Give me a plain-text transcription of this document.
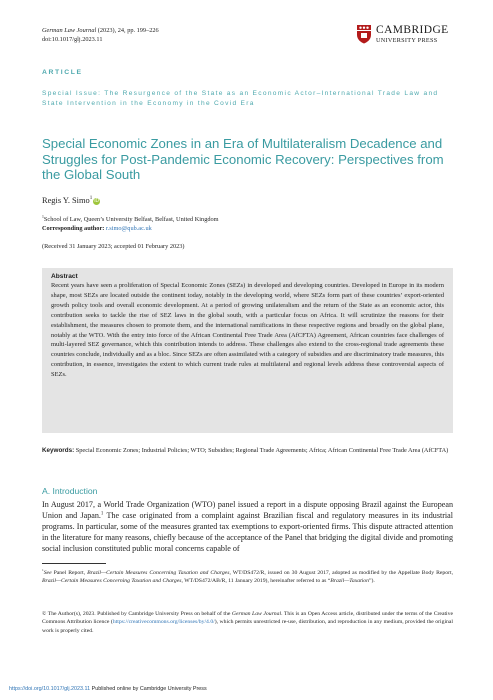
German Law Journal (2023), 24, pp. 199–226
doi:10.1017/glj.2023.11
CAMBRIDGE
UNIVERSITY PRESS
ARTICLE
Special Issue: The Resurgence of the State as an Economic Actor–International Trade Law and State Intervention in the Economy in the Covid Era
Special Economic Zones in an Era of Multilateralism Decadence and Struggles for Post-Pandemic Economic Recovery: Perspectives from the Global South
Regis Y. Simo$^1$ iD
$^1$School of Law, Queen’s University Belfast, Belfast, United Kingdom
Corresponding author: r.simo@qub.ac.uk
(Received 31 January 2023; accepted 01 February 2023)
Abstract
Recent years have seen a proliferation of Special Economic Zones (SEZs) in developed and developing countries. Developed in Europe in its modern shape, most SEZs are located outside the continent today, notably in the developing world, where SEZs form part of these countries’ export-oriented growth policy tools and overall economic development. At a period of growing unilateralism and the return of the State as an economic actor, this contribution seeks to tackle the rise of SEZ laws in the global south, with a particular focus on Africa. It will scrutinize the reasons for their establishment, the measures chosen to promote them, and the international ramifications in these respective regions and broadly on the global plane, notably at the WTO. With the entry into force of the African Continental Free Trade Area (AfCFTA) Agreement, African countries face challenges of multi-layered SEZ governance, which this contribution intends to address. These challenges also extend to the cross-regional trade agreements these countries conclude, individually and as a bloc. Since SEZs are often assimilated with a category of subsidies and are discriminatory trade measures, this contribution, in essence, investigates the extent to which current trade rules at multilateral and regional levels address these controversial aspects of SEZs.
Keywords: Special Economic Zones; Industrial Policies; WTO; Subsidies; Regional Trade Agreements; Africa; African Continental Free Trade Area (AfCFTA)
A. Introduction
In August 2017, a World Trade Organization (WTO) panel issued a report in a dispute opposing Brazil against the European Union and Japan.$^1$ The case originated from a complaint against Brazilian fiscal and regulatory measures in its industrial programs. In particular, some of the measures granted tax exemptions to export-oriented firms. This dispute attracted attention in the literature for many reasons, chiefly because of the acceptance of the Panel that bridging the digital divide and promoting social inclusion constituted public moral concerns capable of
$^1$See Panel Report, Brazil—Certain Measures Concerning Taxation and Charges, WT/DS472/R, issued on 30 August 2017, adopted as modified by the Appellate Body Report, Brazil—Certain Measures Concerning Taxation and Charges, WT/DS472/AB/R, 11 January 2019), hereinafter referred to as “Brazil—Taxation”).
© The Author(s), 2023. Published by Cambridge University Press on behalf of the German Law Journal. This is an Open Access article, distributed under the terms of the Creative Commons Attribution licence (https://creativecommons.org/licenses/by/4.0/), which permits unrestricted re-use, distribution, and reproduction in any medium, provided the original work is properly cited.
https://doi.org/10.1017/glj.2023.11 Published online by Cambridge University Press
